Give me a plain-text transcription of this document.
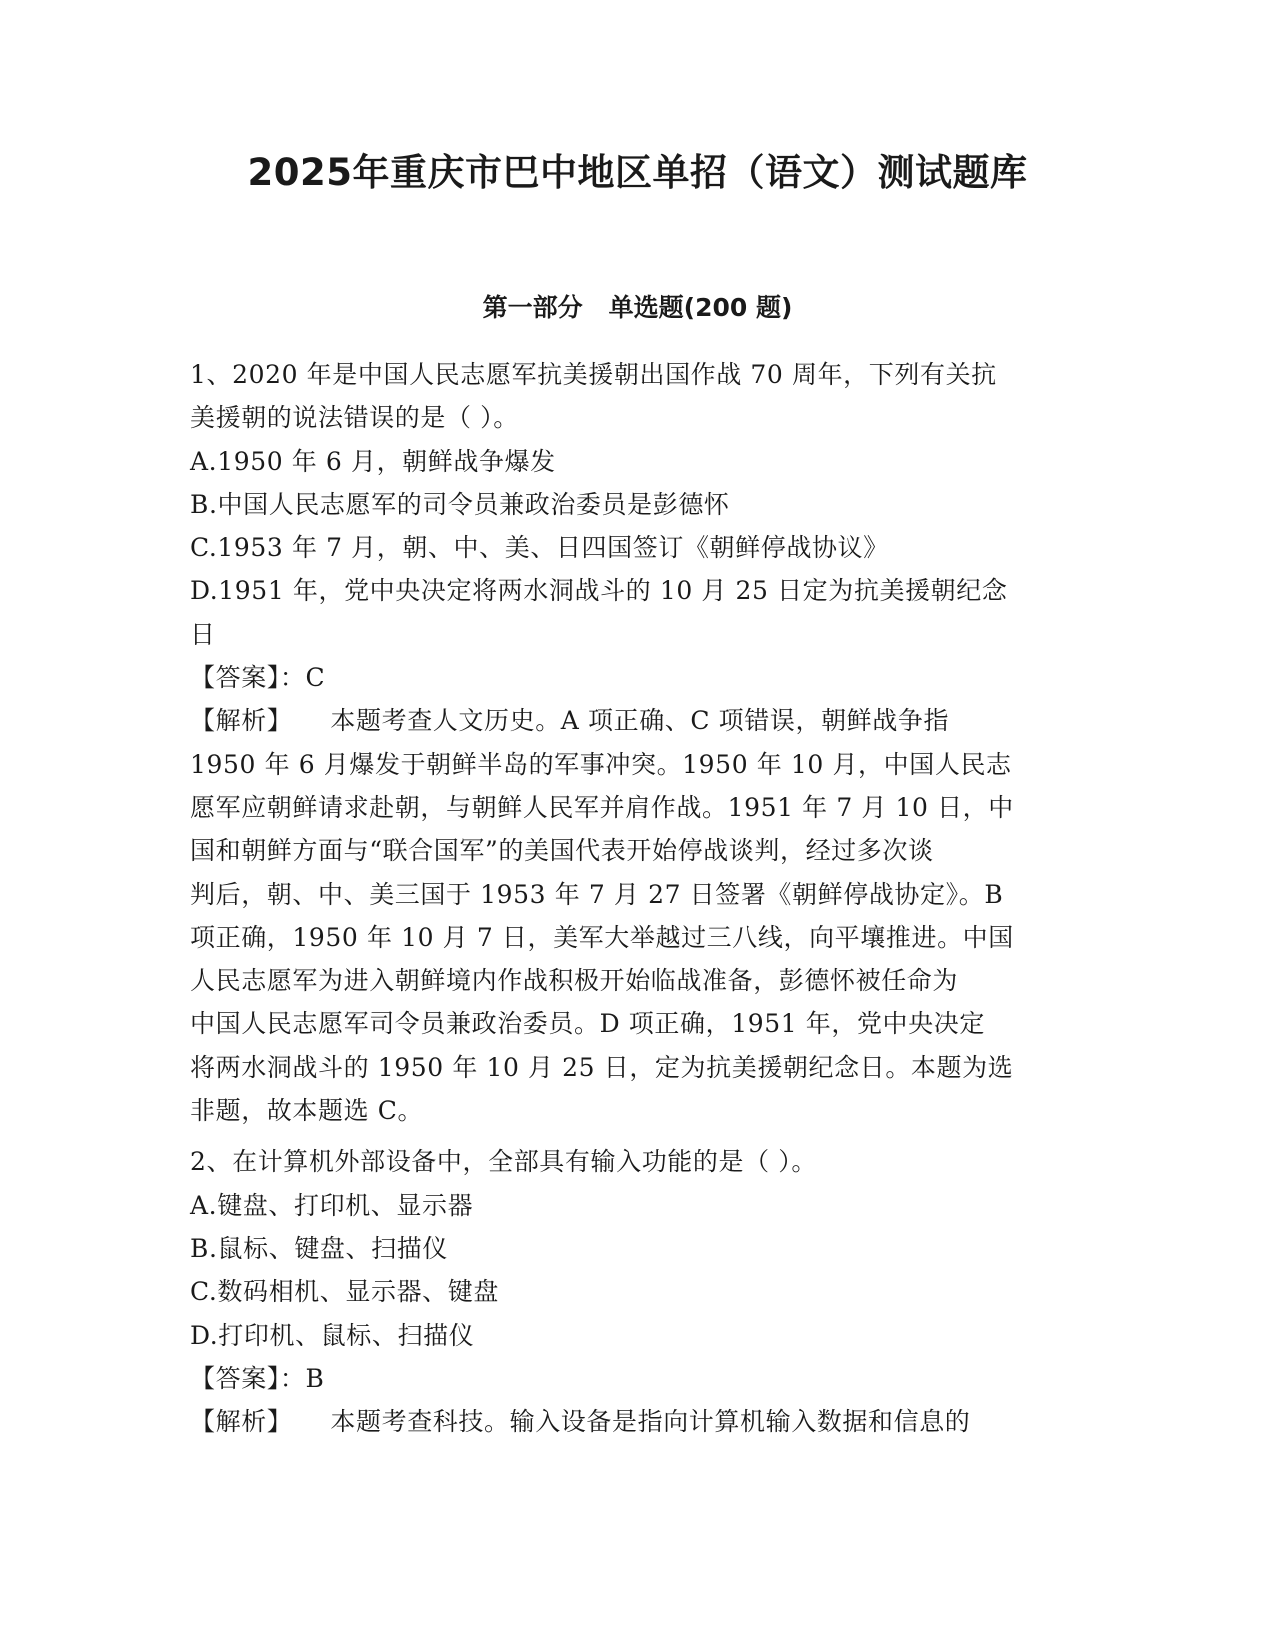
2025年重庆市巴中地区单招（语文）测试题库
第一部分   单选题(200 题)
1、2020 年是中国人民志愿军抗美援朝出国作战 70 周年，下列有关抗
美援朝的说法错误的是（ ）。
A.1950 年 6 月，朝鲜战争爆发
B.中国人民志愿军的司令员兼政治委员是彭德怀
C.1953 年 7 月，朝、中、美、日四国签订《朝鲜停战协议》
D.1951 年，党中央决定将两水洞战斗的 10 月 25 日定为抗美援朝纪念
日
【答案】：C
【解析】 本题考查人文历史。A 项正确、C 项错误，朝鲜战争指
1950 年 6 月爆发于朝鲜半岛的军事冲突。1950 年 10 月，中国人民志
愿军应朝鲜请求赴朝，与朝鲜人民军并肩作战。1951 年 7 月 10 日，中
国和朝鲜方面与“联合国军”的美国代表开始停战谈判，经过多次谈
判后，朝、中、美三国于 1953 年 7 月 27 日签署《朝鲜停战协定》。B
项正确，1950 年 10 月 7 日，美军大举越过三八线，向平壤推进。中国
人民志愿军为进入朝鲜境内作战积极开始临战准备，彭德怀被任命为
中国人民志愿军司令员兼政治委员。D 项正确，1951 年，党中央决定
将两水洞战斗的 1950 年 10 月 25 日，定为抗美援朝纪念日。本题为选
非题，故本题选 C。
2、在计算机外部设备中，全部具有输入功能的是（ ）。
A.键盘、打印机、显示器
B.鼠标、键盘、扫描仪
C.数码相机、显示器、键盘
D.打印机、鼠标、扫描仪
【答案】：B
【解析】 本题考查科技。输入设备是指向计算机输入数据和信息的
